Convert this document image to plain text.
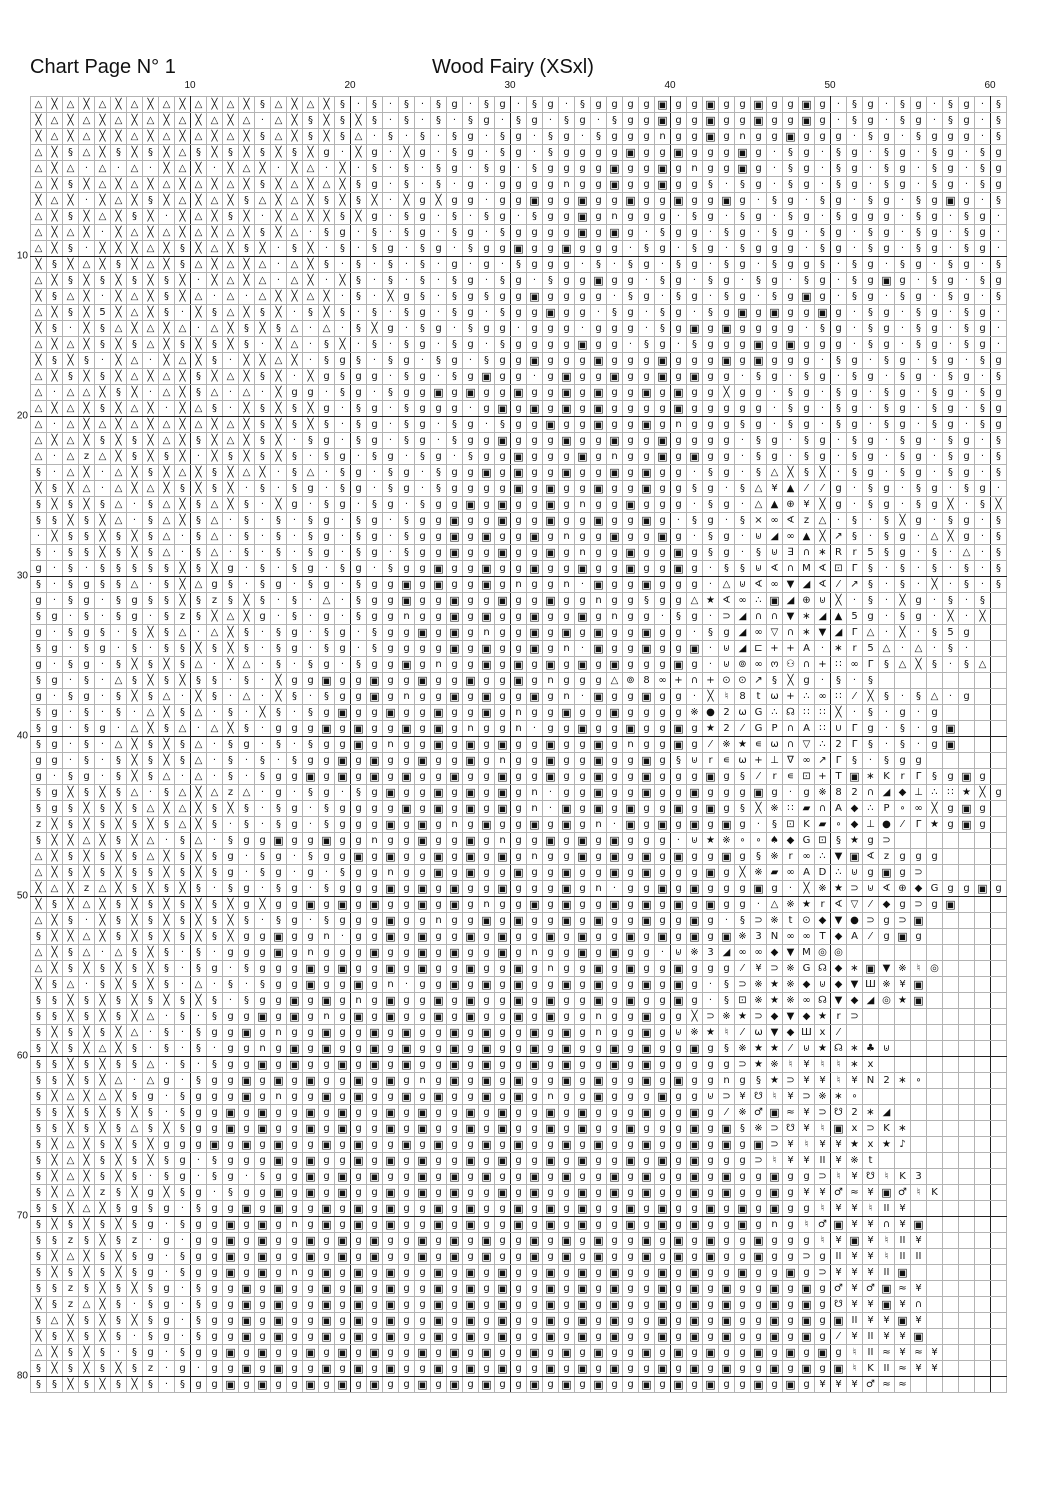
Chart Page N° 1	Wood Fairy (XSxl)
10	20	30	40	50	60
10
20
30
40
50
60
70
80
△	╳	△	╳	△	╳	△	╳	△	╳	△	╳	△	╳	§	△	╳	△	╳	§	·	§	·	§	·	§	g	·	§	g	·	§	g	·	§	g	g	g	g	▣	g	g	▣	g	g	▣	g	g	▣	g	·	§	g	·	§	g	·	§	g	·	§
╳	△	╳	△	╳	△	╳	△	╳	△	╳	△	╳	△	·	△	╳	§	╳	§	╳	§	·	§	·	§	·	§	g	·	§	g	·	§	g	·	§	g	g	▣	g	g	▣	g	g	▣	g	g	▣	g	·	§	g	·	§	g	·	§	g	·	§
╳	△	╳	△	╳	╳	△	╳	△	╳	△	╳	△	╳	§	△	╳	§	╳	§	△	·	§	·	§	·	§	g	·	§	g	·	§	g	·	§	g	g	g	n	g	g	▣	g	n	g	g	▣	g	g	g	·	§	g	·	§	g	g	g	·	§
△	╳	§	△	╳	§	╳	§	╳	△	§	╳	§	╳	§	╳	§	╳	g	·	╳	g	·	╳	g	·	§	g	·	§	g	·	§	g	g	g	g	▣	g	g	▣	g	g	g	▣	g	·	§	g	·	§	g	·	§	g	·	§	g	·	§	g
△	╳	△	·	△	·	△	·	╳	△	╳	·	╳	△	╳	·	╳	△	·	╳	·	§	·	§	·	§	g	·	§	g	·	§	g	g	g	g	▣	g	g	▣	g	n	g	g	▣	g	·	§	g	·	§	g	·	§	g	·	§	g	·	§	g
△	╳	§	╳	△	╳	△	╳	△	╳	△	╳	△	╳	§	╳	△	╳	△	╳	§	g	·	§	·	§	·	g	·	g	g	g	g	n	g	g	▣	g	g	▣	g	g	§	·	§	g	·	§	g	·	§	g	·	§	g	·	§	g	·	§	g
╳	△	╳	·	╳	△	╳	§	╳	△	╳	△	╳	§	△	╳	△	╳	§	╳	§	╳	·	╳	g	╳	g	g	·	g	g	▣	g	g	▣	g	g	▣	g	g	▣	g	g	▣	g	·	§	g	·	§	g	·	§	g	·	§	g	▣	g	·	§
△	╳	§	╳	△	╳	§	╳	·	╳	△	╳	§	╳	·	╳	△	╳	╳	§	╳	g	·	§	g	·	§	·	§	g	·	§	g	g	▣	g	n	g	g	g	·	§	g	·	§	g	·	§	g	·	§	g	g	g	·	§	g	·	§	g	·
△	╳	△	╳	·	╳	△	╳	△	╳	△	╳	△	╳	§	╳	△	·	§	g	·	§	·	§	g	·	§	g	·	§	g	g	g	g	▣	g	▣	g	·	§	g	g	·	§	g	·	§	g	·	§	g	·	§	g	·	§	g	·	§	g	·
△	╳	§	·	╳	╳	╳	△	╳	§	╳	△	╳	§	╳	·	§	╳	·	§	·	§	g	·	§	g	·	§	g	g	▣	g	g	▣	g	g	g	·	§	g	·	§	g	·	§	g	g	g	·	§	g	·	§	g	·	§	g	·	§	g	·
╳	§	╳	△	╳	§	╳	△	╳	§	△	╳	△	╳	△	·	△	╳	§	·	§	·	§	·	§	·	g	·	g	·	§	g	g	g	·	§	·	§	g	·	§	g	·	§	g	·	§	g	g	§	·	§	g	·	§	g	·	§	g	·	§
△	╳	§	╳	§	╳	§	╳	§	╳	·	╳	△	╳	△	·	△	╳	·	╳	§	·	§	·	§	·	§	g	·	§	g	·	§	g	g	▣	g	g	·	§	g	·	§	g	·	§	g	·	§	g	·	§	g	▣	g	·	§	g	·	§	g
╳	§	△	╳	·	╳	△	╳	§	╳	△	·	△	·	△	╳	╳	△	╳	·	§	·	╳	g	§	·	§	g	§	g	g	▣	g	g	g	g	·	§	g	·	§	g	·	§	g	·	§	g	▣	g	·	§	g	·	§	g	·	§	g	·	§
△	╳	§	╳	5	╳	△	╳	§	·	╳	§	△	╳	§	╳	·	§	╳	§	·	§	·	§	g	·	§	g	·	§	g	g	▣	g	g	·	§	g	·	§	g	·	§	g	▣	g	▣	g	g	▣	g	·	§	g	·	§	g	·	§	g	·
╳	§	·	╳	§	△	╳	△	╳	△	·	△	╳	§	╳	§	△	·	△	·	§	╳	g	·	§	g	·	§	g	g	·	g	g	g	·	g	g	g	·	§	g	▣	g	▣	g	g	g	g	·	§	g	·	§	g	·	§	g	·	§	g	·
△	╳	△	╳	§	╳	§	△	╳	§	╳	§	╳	§	·	╳	△	·	§	╳	·	§	·	§	g	·	§	g	·	§	g	g	g	g	▣	g	g	·	§	g	·	§	g	g	g	▣	g	▣	g	g	g	·	§	g	·	§	g	·	§	g	·
╳	§	╳	§	·	╳	△	·	╳	△	╳	§	·	╳	╳	△	╳	·	§	g	§	·	§	g	·	§	g	·	§	g	g	▣	g	g	g	▣	g	g	g	▣	g	g	g	▣	g	▣	g	g	g	·	§	g	·	§	g	·	§	g	·	§	g
△	╳	§	╳	§	╳	△	╳	△	╳	§	╳	△	╳	§	╳	·	╳	g	§	g	g	·	§	g	·	§	g	▣	g	g	·	g	▣	g	g	▣	g	g	▣	g	▣	g	g	·	§	g	·	§	g	·	§	g	·	§	g	·	§	g	·	§
△	·	△	△	╳	§	╳	·	△	╳	§	△	·	△	·	╳	g	g	·	§	g	·	§	g	g	▣	g	▣	g	g	▣	g	g	▣	g	▣	g	g	▣	g	▣	g	g	╳	g	g	·	§	g	·	§	g	·	§	g	·	§	g	·	§	g
△	╳	△	╳	§	╳	△	╳	·	╳	△	§	·	╳	§	╳	§	╳	g	·	§	g	·	§	g	g	g	·	g	▣	g	▣	g	▣	g	▣	g	g	g	g	▣	g	g	g	g	g	·	§	g	·	§	g	·	§	g	·	§	g	·	§	g
△	·	△	╳	△	╳	△	╳	△	╳	△	╳	△	╳	§	╳	§	╳	§	·	§	g	·	§	g	·	§	g	·	§	g	g	▣	g	g	▣	g	g	▣	g	n	g	g	g	§	g	·	§	g	·	§	g	·	§	g	·	§	g	·	§	g
△	╳	△	╳	§	╳	§	╳	△	╳	§	╳	△	╳	§	╳	·	§	g	·	§	g	·	§	g	·	§	g	g	▣	g	g	g	▣	g	g	▣	g	g	▣	g	g	g	g	·	§	g	·	§	g	·	§	g	·	§	g	·	§	g	·	§
△	·	△	z	△	╳	§	╳	§	╳	·	╳	§	╳	§	╳	§	·	§	g	·	§	g	·	§	g	·	§	g	g	▣	g	g	g	▣	g	n	g	g	▣	g	▣	g	g	·	§	g	·	§	g	·	§	g	·	§	g	·	§	g	·	§
§	·	△	╳	·	△	╳	§	╳	△	╳	§	╳	△	╳	·	§	△	·	§	g	·	§	g	·	§	g	g	▣	g	▣	g	g	▣	g	g	▣	g	▣	g	g	·	§	g	·	§	△	╳	§	╳	·	§	g	·	§	g	·	§	g	·	§
╳	§	╳	△	·	△	╳	△	╳	§	╳	§	╳	·	§	·	§	g	·	§	g	·	§	g	·	§	g	g	g	g	▣	g	▣	g	g	▣	g	g	▣	g	g	§	g	·	§	△	¥	▲	⁄	⁄	g	·	§	g	·	§	g	·	§	g	·
§	╳	§	╳	§	△	·	§	△	╳	§	△	╳	§	·	╳	g	·	§	g	·	§	g	·	§	g	g	▣	g	▣	g	g	▣	g	n	g	g	▣	g	g	g	·	§	g	·	△	▲	⊕	¥	╳	g	·	§	g	·	§	g	╳	·	§	╳
§	§	╳	§	╳	△	·	§	△	╳	§	△	·	§	·	§	·	§	g	·	§	g	·	§	g	g	▣	g	g	▣	g	g	▣	g	g	▣	g	g	▣	g	·	§	g	·	§	×	∞	∢	z	△	·	§	·	§	╳	g	·	§	g	·	§
·	╳	§	§	╳	§	╳	§	△	·	§	△	·	§	·	§	·	§	g	·	§	g	·	§	g	g	▣	g	▣	g	g	▣	g	n	g	g	▣	g	g	▣	g	·	§	g	·	⊍	◢	∞	▲	╳	↗	§	·	§	g	·	△	╳	g	·	§
§	·	§	§	╳	§	╳	§	△	·	§	△	·	§	·	§	·	§	g	·	§	g	·	§	g	g	▣	g	g	▣	g	g	▣	g	n	g	g	▣	g	g	▣	g	§	g	·	§	⊍	∃	∩	∗	R	r	5	§	g	·	§	·	△	·	§
g	·	§	·	§	§	§	§	§	╳	§	╳	g	·	§	·	§	g	·	§	g	·	§	g	g	▣	g	g	▣	g	g	▣	g	g	▣	g	g	▣	g	g	▣	g	·	§	§	⊍	∢	∩	M	∢	⊡	Γ	§	·	§	·	§	·	§	·	§
§	·	§	g	§	§	△	·	§	╳	△	g	§	·	§	g	·	§	g	·	§	g	g	▣	g	▣	g	g	▣	g	n	g	g	n	·	▣	g	g	▣	g	g	g	·	△	⊍	∢	∞	▼	◢	∢	⁄	↗	§	·	§	·	╳	·	§	·	§
g	·	§	g	·	§	g	§	§	╳	§	z	§	╳	§	·	§	·	△	·	§	g	g	▣	g	g	▣	g	g	▣	g	g	▣	g	g	n	g	g	§	g	g	△	★	∢	∞	∴	▣	◢	⊕	⊍	╳	·	§	·	╳	g	·	§	·	§	
§	g	·	§	·	§	g	·	§	z	§	╳	△	╳	g	·	§	·	g	·	§	g	g	n	g	g	▣	g	▣	g	g	▣	g	g	▣	g	n	g	g	·	§	g	·	⊃	◢	∩	∩	▼	∗	◢	▲	5	g	·	§	g	·	╳	·	╳	
g	·	§	g	§	·	§	╳	§	△	·	△	╳	§	·	§	g	·	§	g	·	§	g	g	▣	g	▣	g	n	g	g	▣	g	▣	g	▣	g	g	▣	g	g	·	§	g	◢	∞	▽	∩	∗	▼	◢	Γ	△	·	╳	·	§	5	g		
§	g	·	§	g	·	§	·	§	§	╳	§	╳	§	·	§	g	·	§	g	·	§	g	g	g	g	▣	g	▣	g	g	▣	g	n	·	▣	g	g	▣	g	g	▣	·	⊍	◢	⊏	+	+	A	·	∗	r	5	△	·	△	·	§	·		
g	·	§	g	·	§	╳	§	╳	§	△	·	╳	△	·	§	·	§	g	·	§	g	g	▣	g	n	g	g	▣	g	▣	g	▣	g	▣	g	▣	g	g	g	▣	g	·	⊍	⊚	∞	ო	⚇	∩	+	∷	∞	Γ	§	△	╳	§	·	§	△	
§	g	·	§	·	△	§	╳	§	╳	§	§	·	§	·	╳	g	g	▣	g	g	▣	g	g	▣	g	g	▣	g	g	▣	g	n	g	g	g	△	⊚	8	∞	+	∩	+	⊙	⊙	↗	§	╳	g	·	§	·	§								
g	·	§	g	·	§	╳	§	△	·	╳	§	·	△	·	╳	§	·	§	g	g	▣	g	n	g	g	▣	g	▣	g	g	▣	g	n	·	▣	g	g	▣	g	g	·	╳	♮	8	t	ω	+	∴	∞	∷	⁄	╳	§	·	§	△	·	g		
§	g	·	§	·	§	·	△	╳	§	△	·	§	·	╳	§	·	§	g	▣	g	g	▣	g	g	▣	g	g	▣	g	n	g	g	▣	g	g	▣	g	g	g	g	※	●	2	ω	G	∴	☊	∷	∷	╳	·	§	·	g	·	g				
§	g	·	§	g	·	△	╳	§	△	·	△	╳	§	·	g	g	g	▣	g	▣	g	g	▣	g	▣	g	n	g	g	n	·	g	g	▣	g	g	▣	g	g	▣	g	★	2	⁄	G	P	∩	A	∷	∪	Γ	g	·	§	·	g	▣			
§	g	·	§	·	△	╳	§	╳	§	△	·	§	g	·	§	·	§	g	g	▣	g	n	g	g	▣	g	▣	g	▣	g	g	▣	g	g	▣	g	n	g	g	▣	g	⁄	※	★	∊	ω	∩	▽	∴	2	Γ	§	·	§	·	g	▣			
g	g	·	§	·	§	╳	§	╳	§	△	·	§	·	§	·	§	g	g	▣	g	▣	g	g	▣	g	g	▣	g	n	g	g	▣	g	g	▣	g	g	▣	g	§	⊍	r	∊	ω	+	⊥	∇	∞	↗	Γ	§	·	§	g	g					
g	·	§	g	·	§	╳	§	△	·	△	·	§	·	§	g	g	▣	g	▣	g	▣	g	▣	g	g	▣	g	g	▣	g	g	▣	g	g	▣	g	g	▣	g	g	g	▣	g	§	⁄	r	∊	⊡	+	T	▣	∗	K	r	Γ	§	g	▣	g	
§	g	╳	§	╳	§	△	·	§	△	╳	△	z	△	·	g	·	§	g	·	§	g	▣	g	g	▣	g	▣	g	▣	g	n	·	g	g	▣	g	g	▣	g	g	▣	g	g	g	▣	g	·	g	※	8	2	∩	◢	◆	⊥	∴	∷	★	╳	g
§	g	§	╳	§	╳	§	△	╳	△	╳	§	╳	§	·	§	g	·	§	g	g	g	g	▣	g	▣	g	▣	g	▣	g	n	·	▣	g	▣	g	▣	g	g	▣	g	▣	g	§	╳	※	∷	▰	∩	A	◆	∴	P	∘	∞	╳	g	▣	g	
z	╳	§	╳	§	╳	§	╳	§	△	╳	§	·	§	·	§	g	·	§	g	g	g	▣	g	▣	g	n	g	▣	g	g	▣	g	▣	g	n	·	▣	g	▣	g	▣	g	▣	g	·	§	⊡	K	▰	∘	◆	⊥	●	⁄	Γ	★	g	▣	g	
§	╳	╳	△	╳	§	╳	△	·	§	△	·	§	g	g	▣	g	g	▣	g	g	n	g	g	▣	g	g	▣	g	n	g	g	▣	g	▣	g	▣	g	g	g	·	⊍	★	※	∘	∘	♠	◆	G	⊡	§	★	g	⊃							
△	╳	§	╳	§	╳	§	△	╳	§	╳	§	g	·	§	g	·	§	g	g	▣	g	▣	g	g	▣	g	▣	g	▣	g	n	g	g	▣	g	▣	g	▣	g	▣	g	g	▣	g	§	※	r	∞	∴	▼	▣	∢	z	g	g	g				
△	╳	§	╳	§	╳	§	§	╳	§	╳	§	g	·	§	g	·	g	·	§	g	g	n	g	g	▣	g	▣	g	g	▣	g	g	▣	g	g	▣	g	▣	g	g	g	▣	g	╳	※	▰	∞	A	D	∴	⊍	g	▣	g	⊃					
╳	△	╳	z	△	╳	§	╳	§	╳	§	·	§	g	·	§	g	·	§	g	g	g	▣	g	▣	g	▣	g	g	▣	g	g	g	▣	g	n	·	g	g	▣	g	▣	g	g	g	▣	g	·	╳	※	★	⊃	⊍	∢	⊕	◆	G	g	g	▣	g
╳	§	╳	△	╳	§	╳	§	╳	§	╳	§	╳	g	╳	g	g	▣	g	▣	g	▣	g	g	▣	g	▣	g	n	g	g	▣	g	▣	g	g	▣	g	▣	g	▣	g	▣	g	g	·	△	※	★	r	∢	▽	⁄	◆	g	⊃	g	▣			
△	╳	§	·	╳	§	╳	§	╳	§	╳	§	╳	§	·	§	g	·	§	g	g	g	▣	g	g	n	g	g	▣	g	▣	g	g	▣	g	▣	g	g	▣	g	g	▣	g	·	§	⊃	※	t	⊙	◆	▼	●	⊃	g	⊃	▣					
§	╳	╳	△	╳	§	╳	§	╳	§	╳	§	╳	g	g	▣	g	g	n	·	g	g	▣	g	▣	g	g	▣	g	▣	g	g	▣	g	▣	g	g	▣	g	▣	g	▣	g	▣	※	3	N	∞	∞	T	◆	A	⁄	g	▣	g					
△	╳	§	△	·	△	§	╳	§	·	§	·	g	g	g	▣	g	n	g	g	g	▣	g	g	▣	g	▣	g	g	▣	g	n	g	g	▣	g	▣	g	g	·	⊍	※	3	◢	∞	∞	◆	▼	Μ	◎	◎										
△	╳	§	╳	§	╳	§	╳	§	·	§	g	·	§	g	g	g	▣	g	▣	g	g	▣	g	▣	g	g	▣	g	g	▣	g	n	g	g	▣	g	▣	g	g	▣	g	g	g	⁄	¥	⊃	※	G	☊	◆	∗	▣	▼	※	♮	◎				
╳	§	△	·	§	╳	§	╳	§	·	△	·	§	·	§	g	g	▣	g	g	▣	g	n	·	g	g	▣	g	▣	g	▣	g	g	▣	g	▣	g	g	▣	g	▣	g	·	§	⊃	※	★	※	◆	⊍	◆	▼	Ш	※	¥	▣					
§	§	╳	§	╳	§	╳	§	╳	§	╳	§	·	§	g	g	▣	g	▣	g	n	g	▣	g	g	▣	g	▣	g	g	▣	g	▣	g	g	▣	g	▣	g	g	▣	g	·	§	⊡	※	★	※	∞	☊	▼	◆	◢	◎	★	▣					
§	§	╳	§	╳	§	╳	△	·	§	·	§	g	g	▣	g	▣	g	n	g	▣	g	▣	g	g	▣	g	▣	g	g	▣	g	▣	g	g	n	g	g	▣	g	g	╳	⊃	※	★	⊃	◆	▼	◆	★	r	⊃									
§	╳	§	╳	§	╳	△	·	§	·	§	g	g	▣	g	n	g	g	▣	g	g	▣	g	▣	g	g	▣	g	▣	g	g	▣	g	▣	g	n	g	g	▣	g	⊍	※	★	♮	⁄	ω	▼	◆	Ш	x	⁄										
§	╳	§	╳	△	╳	§	·	§	·	§	·	g	g	n	g	▣	g	▣	g	g	▣	g	▣	g	g	▣	g	▣	g	g	▣	g	▣	g	g	▣	g	▣	g	g	▣	g	§	※	★	★	⁄	⊍	★	☊	∗	♣	⊍							
§	§	╳	§	╳	§	§	△	·	§	·	§	g	g	▣	g	▣	g	g	▣	g	▣	g	▣	g	g	▣	g	▣	g	g	▣	g	▣	g	g	▣	g	▣	g	g	g	g	g	⊃	★	※	♮	¥	♮	♮	∗	x								
§	§	╳	§	╳	△	·	△	g	·	§	g	g	▣	g	▣	g	▣	g	g	▣	g	▣	g	n	g	▣	g	▣	g	▣	g	g	▣	g	▣	g	g	▣	g	▣	g	g	n	g	§	★	⊃	¥	¥	♮	¥	N	2	∗	∘					
§	╳	△	╳	△	╳	§	g	·	§	g	g	g	▣	g	n	g	g	▣	g	▣	g	g	▣	g	▣	g	g	▣	g	▣	g	n	g	g	▣	g	g	g	▣	g	g	⊍	⊃	¥	☋	♮	¥	⊃	※	∗	∘									
§	§	╳	§	╳	§	╳	§	·	§	g	g	▣	g	▣	g	g	▣	g	▣	g	g	▣	g	▣	g	g	▣	g	▣	g	g	▣	g	▣	g	g	g	▣	g	g	▣	g	⁄	※	♂	▣	≈	¥	⊃	☋	2	∗	◢							
§	§	╳	§	╳	§	△	§	╳	§	g	g	▣	g	▣	g	g	▣	g	▣	g	g	▣	g	▣	g	g	▣	g	▣	g	g	▣	g	▣	g	g	▣	g	g	g	▣	g	▣	§	※	⊃	☋	¥	♮	▣	x	⊃	K	∗						
§	╳	△	╳	§	╳	§	╳	g	g	g	▣	g	▣	g	▣	g	g	▣	g	▣	g	g	▣	g	▣	g	g	▣	g	▣	g	g	▣	g	▣	g	g	▣	g	g	▣	g	▣	g	▣	⊃	¥	♮	¥	¥	★	x	★	♪						
§	╳	△	╳	§	╳	§	╳	§	g	·	§	g	g	g	▣	g	▣	g	g	▣	g	▣	g	▣	g	g	▣	g	▣	g	g	▣	g	▣	g	g	▣	g	▣	g	▣	g	g	g	⊃	♮	¥	¥	II	¥	※	t								
§	╳	△	╳	§	╳	§	·	§	g	·	§	g	·	§	g	g	▣	g	▣	g	▣	g	g	▣	g	▣	g	▣	g	g	▣	g	▣	g	g	▣	g	▣	g	g	▣	g	▣	g	g	▣	g	g	⊃	♮	¥	☋	♮	K	3					
§	╳	△	╳	z	§	╳	g	╳	§	g	·	§	g	g	▣	g	▣	g	▣	g	g	▣	g	▣	g	▣	g	g	▣	g	▣	g	g	▣	g	▣	g	▣	g	g	▣	g	▣	g	g	▣	g	¥	¥	♂	≈	¥	▣	♂	♮	K				
§	§	╳	△	╳	§	g	§	g	·	§	g	g	▣	g	▣	g	g	▣	g	▣	g	▣	g	g	▣	g	▣	g	g	▣	g	▣	g	▣	g	g	▣	g	▣	g	g	▣	g	▣	g	▣	g	g	♮	¥	¥	♮	II	¥						
§	╳	§	╳	§	╳	§	g	·	§	g	g	▣	g	▣	g	n	g	▣	g	▣	g	▣	g	g	▣	g	▣	g	g	▣	g	▣	g	▣	g	g	▣	g	▣	g	▣	g	g	▣	g	n	g	♮	♂	▣	¥	¥	∩	¥	▣					
§	§	z	§	╳	§	z	·	g	·	g	g	▣	g	▣	g	g	▣	g	▣	g	▣	g	g	▣	g	▣	g	▣	g	g	▣	g	▣	g	▣	g	g	▣	g	▣	g	▣	g	g	▣	g	g	g	♮	¥	▣	¥	♮	II	¥					
§	╳	△	╳	§	╳	§	g	·	§	g	g	▣	g	▣	g	g	▣	g	▣	g	▣	g	g	▣	g	▣	g	▣	g	g	▣	g	▣	g	▣	g	g	▣	g	▣	g	▣	g	g	▣	g	g	⊃	g	II	¥	¥	♮	II	II					
§	╳	§	╳	§	╳	§	g	·	§	g	g	▣	g	▣	g	n	g	▣	g	▣	g	▣	g	g	▣	g	▣	g	▣	g	g	▣	g	▣	g	▣	g	g	▣	g	▣	g	g	▣	g	g	▣	g	⊃	¥	¥	¥	II	▣						
§	§	z	§	╳	§	╳	§	g	·	§	g	g	▣	g	▣	g	g	▣	g	▣	g	▣	g	g	▣	g	▣	g	▣	g	g	▣	g	▣	g	▣	g	g	▣	g	▣	g	▣	g	g	▣	g	▣	g	♂	¥	♂	▣	≈	¥					
╳	§	z	△	╳	§	·	§	g	·	§	g	g	▣	g	▣	g	g	▣	g	▣	g	▣	g	g	▣	g	▣	g	▣	g	g	▣	g	▣	g	▣	g	g	▣	g	▣	g	▣	g	g	▣	g	▣	g	☋	¥	¥	▣	¥	∩					
§	△	╳	§	╳	§	╳	§	g	·	§	g	g	▣	g	▣	g	g	▣	g	▣	g	▣	g	g	▣	g	▣	g	▣	g	g	▣	g	▣	g	▣	g	g	▣	g	▣	g	▣	g	g	▣	g	▣	g	▣	II	¥	¥	▣	¥					
╳	§	╳	§	╳	§	·	§	g	·	§	g	g	▣	g	▣	g	g	▣	g	▣	g	▣	g	g	▣	g	▣	g	▣	g	g	▣	g	▣	g	▣	g	g	▣	g	▣	g	▣	g	g	▣	g	▣	g	⁄	¥	II	¥	¥	▣					
△	╳	§	╳	§	·	§	g	·	§	g	g	▣	g	▣	g	g	▣	g	▣	g	▣	g	g	▣	g	▣	g	▣	g	g	▣	g	▣	g	▣	g	g	▣	g	▣	g	▣	g	g	▣	g	▣	g	▣	g	♮	II	≈	¥	≈	¥				
§	╳	§	╳	§	╳	§	z	·	g	·	g	g	▣	g	▣	g	g	▣	g	▣	g	▣	g	g	▣	g	▣	g	▣	g	g	▣	g	▣	g	▣	g	g	▣	g	▣	g	▣	g	g	▣	g	▣	g	▣	♮	K	II	≈	¥	¥				
§	§	╳	§	╳	§	╳	§	·	§	g	g	▣	g	▣	g	g	▣	g	▣	g	▣	g	g	▣	g	▣	g	▣	g	g	▣	g	▣	g	▣	g	g	▣	g	▣	g	▣	g	g	▣	g	▣	g	¥	¥	¥	♂	≈	≈						
